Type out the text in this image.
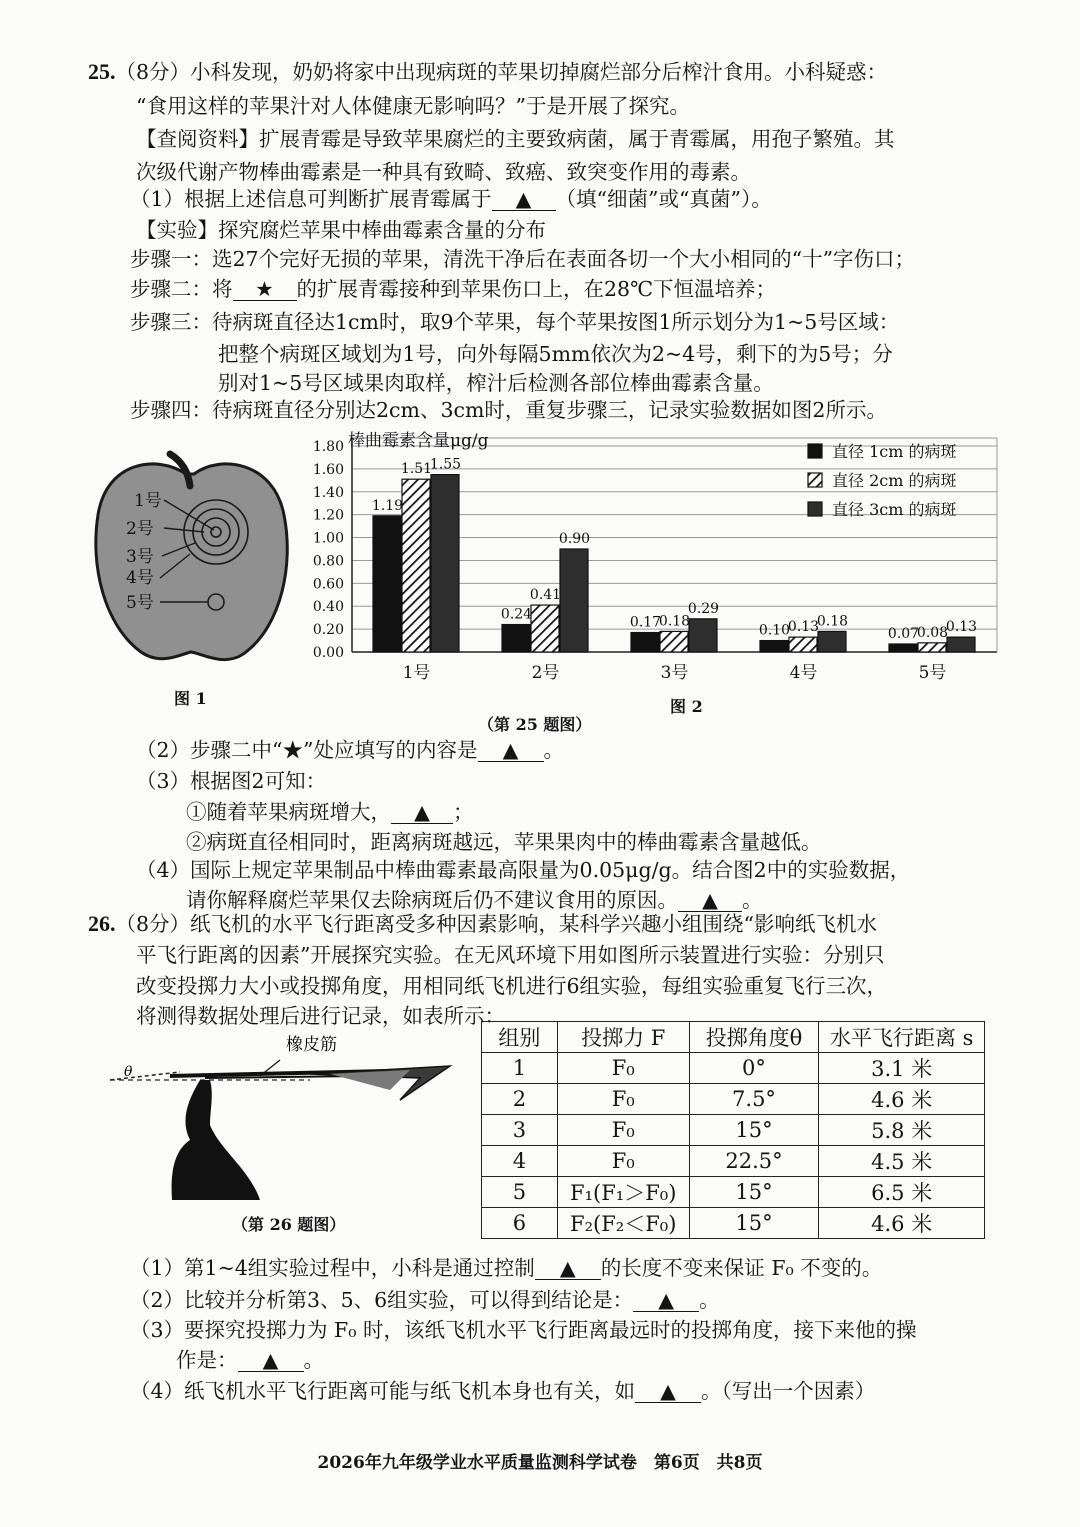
25.（8分）小科发现，奶奶将家中出现病斑的苹果切掉腐烂部分后榨汁食用。小科疑惑：
“食用这样的苹果汁对人体健康无影响吗？”于是开展了探究。
【查阅资料】扩展青霉是导致苹果腐烂的主要致病菌，属于青霉属，用孢子繁殖。其
次级代谢产物棒曲霉素是一种具有致畸、致癌、致突变作用的毒素。
（1）根据上述信息可判断扩展青霉属于 ▲ （填“细菌”或“真菌”）。
【实验】探究腐烂苹果中棒曲霉素含量的分布
步骤一：选27个完好无损的苹果，清洗干净后在表面各切一个大小相同的“十”字伤口；
步骤二：将 ★ 的扩展青霉接种到苹果伤口上，在28℃下恒温培养；
步骤三：待病斑直径达1cm时，取9个苹果，每个苹果按图1所示划分为1~5号区域：
把整个病斑区域划为1号，向外每隔5mm依次为2~4号，剩下的为5号；分
别对1~5号区域果肉取样，榨汁后检测各部位棒曲霉素含量。
步骤四：待病斑直径分别达2cm、3cm时，重复步骤三，记录实验数据如图2所示。
1号
2号
3号
4号
5号
图 1
0.00
0.20
0.40
0.60
0.80
1.00
1.20
1.40
1.60
1.80
1.19
1.51
1.55
0.24
0.41
0.90
0.17
0.18
0.29
0.10
0.13
0.18
0.07
0.08
0.13
1号	2号	3号	4号	5号
直径 1cm 的病斑
直径 2cm 的病斑
直径 3cm 的病斑
棒曲霉素含量μg/g
图 2
（第 25 题图）
（2）步骤二中“★”处应填写的内容是 ▲ 。
（3）根据图2可知：
①随着苹果病斑增大， ▲ ；
②病斑直径相同时，距离病斑越远，苹果果肉中的棒曲霉素含量越低。
（4）国际上规定苹果制品中棒曲霉素最高限量为0.05μg/g。结合图2中的实验数据，
请你解释腐烂苹果仅去除病斑后仍不建议食用的原因。 ▲ 。
26.（8分）纸飞机的水平飞行距离受多种因素影响，某科学兴趣小组围绕“影响纸飞机水
平飞行距离的因素”开展探究实验。在无风环境下用如图所示装置进行实验：分别只
改变投掷力大小或投掷角度，用相同纸飞机进行6组实验，每组实验重复飞行三次，
将测得数据处理后进行记录，如表所示：
θ
橡皮筋
（第 26 题图）
组别	投掷力 F	投掷角度θ	水平飞行距离 s
1	F₀	0°	3.1 米
2	F₀	7.5°	4.6 米
3	F₀	15°	5.8 米
4	F₀	22.5°	4.5 米
5	F₁(F₁＞F₀)	15°	6.5 米
6	F₂(F₂＜F₀)	15°	4.6 米
（1）第1~4组实验过程中，小科是通过控制 ▲ 的长度不变来保证 F₀ 不变的。
（2）比较并分析第3、5、6组实验，可以得到结论是： ▲ 。
（3）要探究投掷力为 F₀ 时，该纸飞机水平飞行距离最远时的投掷角度，接下来他的操
作是： ▲ 。
（4）纸飞机水平飞行距离可能与纸飞机本身也有关，如 ▲ 。（写出一个因素）
2026年九年级学业水平质量监测科学试卷　第6页　共8页
